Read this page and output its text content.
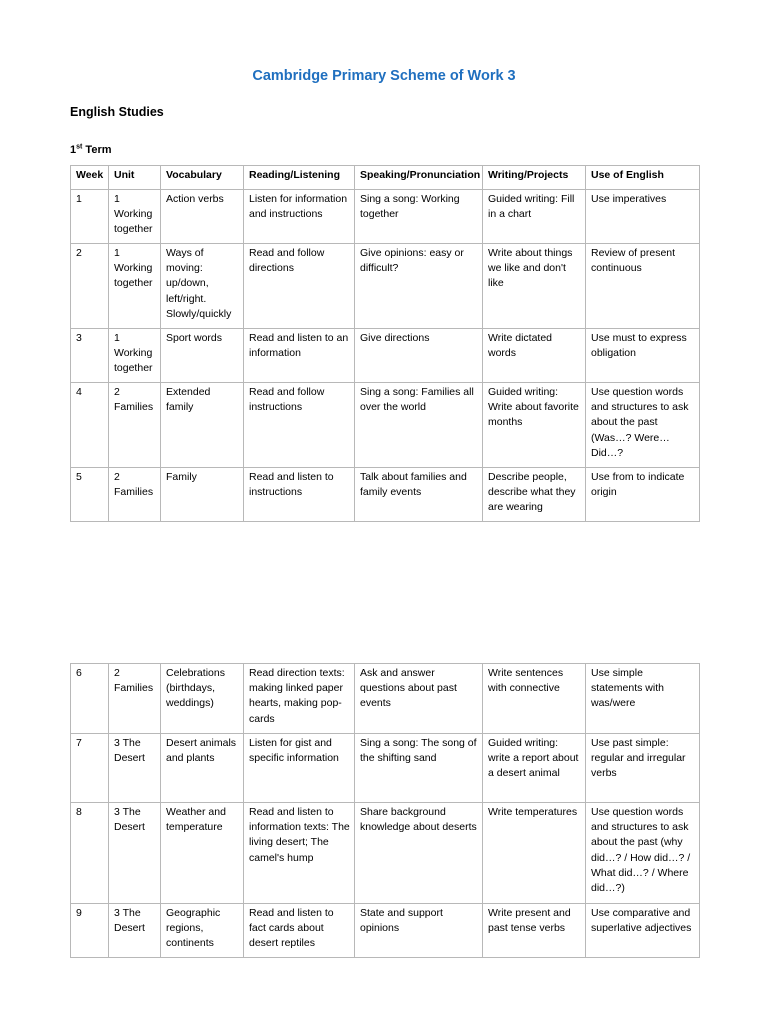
Cambridge Primary Scheme of Work 3
English Studies
1st Term
Week	Unit	Vocabulary	Reading/Listening	Speaking/Pronunciation	Writing/Projects	Use of English
1	1 Working together	Action verbs	Listen for information and instructions	Sing a song: Working together	Guided writing: Fill in a chart	Use imperatives
2	1 Working together	Ways of moving: up/down, left/right. Slowly/quickly	Read and follow directions	Give opinions: easy or difficult?	Write about things we like and don't like	Review of present continuous
3	1 Working together	Sport words	Read and listen to an information	Give directions	Write dictated words	Use must to express obligation
4	2 Families	Extended family	Read and follow instructions	Sing a song: Families all over the world	Guided writing: Write about favorite months	Use question words and structures to ask about the past (Was…? Were… Did…?
5	2 Families	Family	Read and listen to instructions	Talk about families and family events	Describe people, describe what they are wearing	Use from to indicate origin
6	2 Families	Celebrations (birthdays, weddings)	Read direction texts: making linked paper hearts, making pop-cards	Ask and answer questions about past events	Write sentences with connective	Use simple statements with was/were
7	3 The Desert	Desert animals and plants	Listen for gist and specific information	Sing a song: The song of the shifting sand	Guided writing: write a report about a desert animal	Use past simple: regular and irregular verbs
8	3 The Desert	Weather and temperature	Read and listen to information texts: The living desert; The camel's hump	Share background knowledge about deserts	Write temperatures	Use question words and structures to ask about the past (why did…? / How did…? / What did…? / Where did…?)
9	3 The Desert	Geographic regions, continents	Read and listen to fact cards about desert reptiles	State and support opinions	Write present and past tense verbs	Use comparative and superlative adjectives
